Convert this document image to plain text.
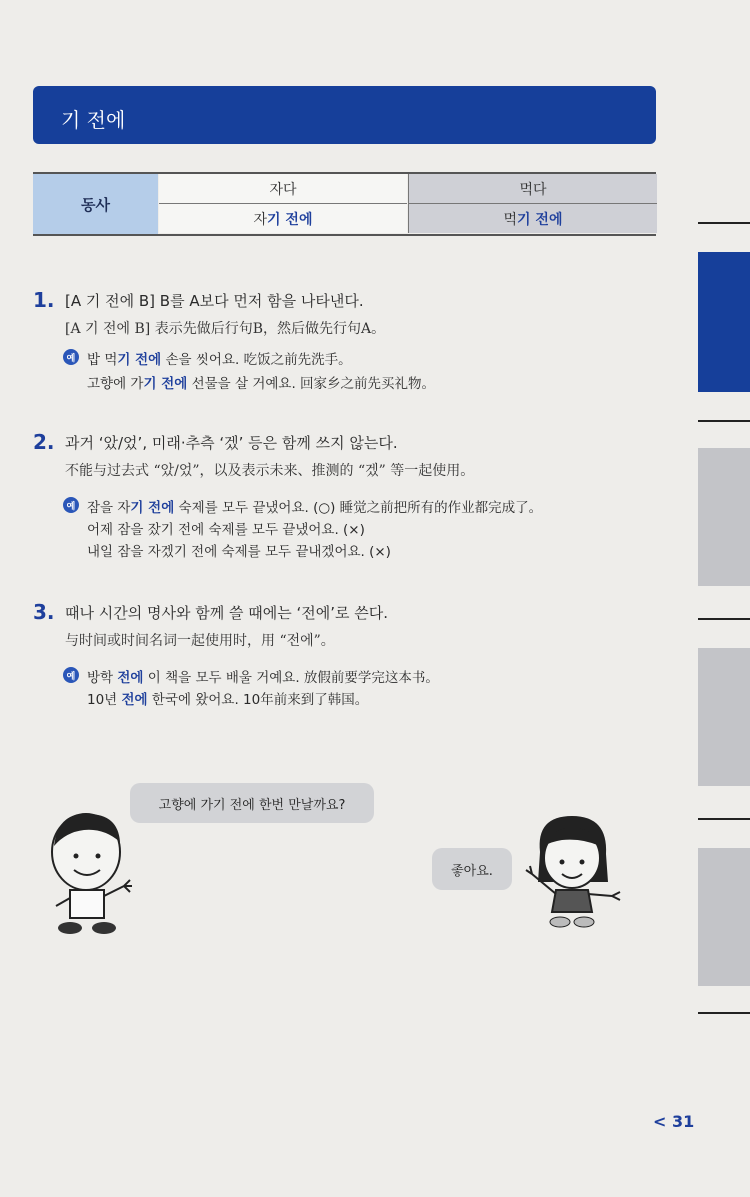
기 전에
동사
자다	먹다
자 기 전에	먹 기 전에
1. [A 기 전에 B] B를 A보다 먼저 함을 나타낸다.
[A 기 전에 B] 表示先做后行句B，然后做先行句A。
예 밥 먹기 전에 손을 씻어요. 吃饭之前先洗手。
고향에 가기 전에 선물을 살 거예요. 回家乡之前先买礼物。
2. 과거 ‘았/었’, 미래·추측 ‘겠’ 등은 함께 쓰지 않는다.
不能与过去式 “았/었”，以及表示未来、推测的 “겠” 等一起使用。
예 잠을 자기 전에 숙제를 모두 끝냈어요. (○) 睡觉之前把所有的作业都完成了。
어제 잠을 잤기 전에 숙제를 모두 끝냈어요. (×)
내일 잠을 자겠기 전에 숙제를 모두 끝내겠어요. (×)
3. 때나 시간의 명사와 함께 쓸 때에는 ‘전에’로 쓴다.
与时间或时间名词一起使用时，用 “전에”。
예 방학 전에 이 책을 모두 배울 거예요. 放假前要学完这本书。
10년 전에 한국에 왔어요. 10年前来到了韩国。
고향에 가기 전에 한번 만날까요?
좋아요.
< 31
